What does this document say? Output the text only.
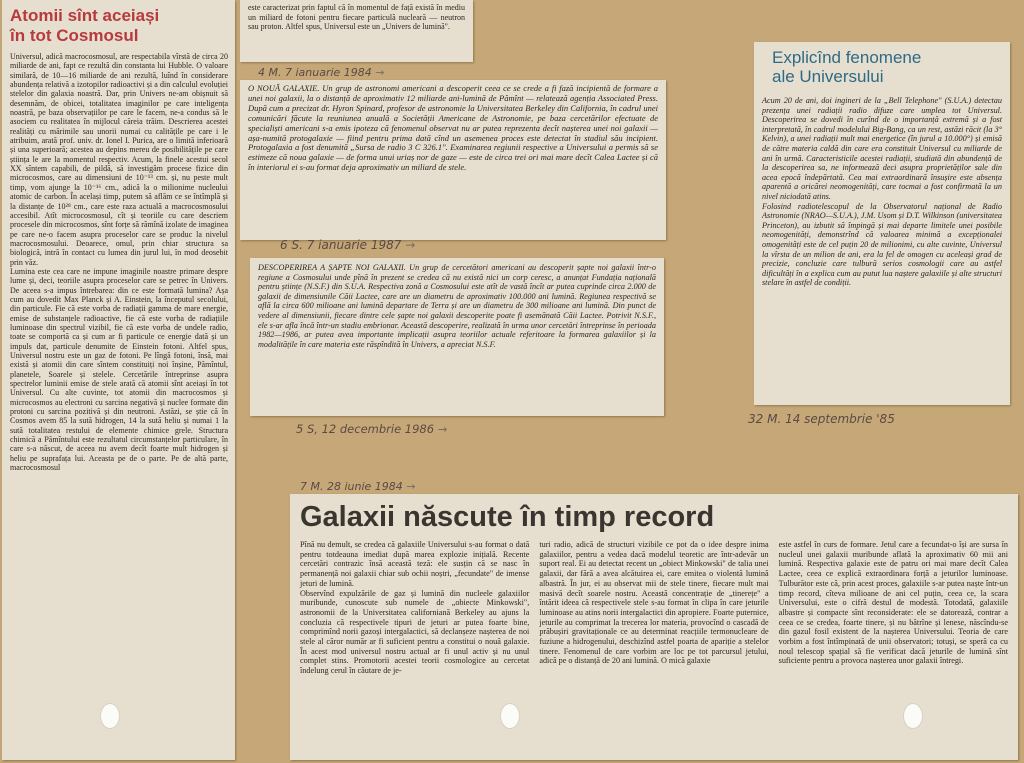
Atomii sînt aceiași
în tot Cosmosul

Universul, adică macrocosmosul, are respectabila vîrstă de circa 20 miliarde de ani, fapt ce rezultă din constanta lui Hubble. O valoare similară, de 10—16 miliarde de ani rezultă, luînd în considerare abundența relativă a izotopilor radioactivi și a din calculul evoluției stelelor din galaxia noastră. Dar, prin Univers ne-am obișnuit să desemnăm, de obicei, totalitatea imaginilor pe care inteligența noastră, pe baza observațiilor pe care le facem, ne-a condus să le asociem cu realitatea în mijlocul căreia trăim. Descrierea acestei realități cu mărimile sau unorii numai cu calitățile pe care i le atribuim, arată prof. univ. dr. Ionel I. Purica, are o limită inferioară și una superioară; acestea au depins mereu de posibilitățile pe care știința le are la momentul respectiv. Acum, la finele acestui secol XX sîntem capabili, de pildă, să investigăm procese fizice din microcosmos, care au dimensiuni de 10⁻¹³ cm. și, nu peste mult timp, vom ajunge la 10⁻¹⁶ cm., adică la o milionime nucleului atomic de carbon. În același timp, putem să aflăm ce se întîmplă și la distanțe de 10²⁸ cm., care este raza actuală a macrocosmosului accesibil. Atît microcosmosul, cît și teoriile cu care descriem procesele din microcosmos, sînt forțe să rămînă izolate de imaginea pe care ne-o facem asupra proceselor care se produc la nivelul macrocosmosului. Deoarece, omul, prin chiar structura sa biologică, intră în contact cu lumea din jurul lui, în mod deosebit prin văz.
Lumina este cea care ne impune imaginile noastre primare despre lume și, deci, teoriile asupra proceselor care se petrec în Univers. De aceea s-a impus întrebarea: din ce este formată lumina? Așa cum au dovedit Max Planck și A. Einstein, la începutul secolului, din particule. Fie că este vorba de radiații gamma de mare energie, emise de substanțele radioactive, fie că este vorba de radiațiile luminoase din spectrul vizibil, fie că este vorba de undele radio, toate se comportă ca și cum ar fi particule ce energie dată și un impuls dat, particule denumite de Einstein fotoni. Altfel spus, Universul nostru este un gaz de fotoni. Pe lîngă fotoni, însă, mai există și atomii din care sîntem constituiți noi înșine, Pămîntul, planetele, Soarele și stelele. Cercetările întreprinse asupra spectrelor luminii emise de stele arată că atomii sînt aceiași în tot Universul. Cu alte cuvinte, tot atomii din macrocosmos și microcosmos au electroni cu sarcina negativă și nuclee formate din protoni cu sarcina pozitivă și din neutroni. Astăzi, se știe că în Cosmos avem 85 la sută hidrogen, 14 la sută heliu și numai 1 la sută totalitatea restului de elemente chimice grele. Structura chimică a Pămîntului este rezultatul circumstanțelor particulare, în care s-a născut, de aceea nu avem decît foarte mult hidrogen și heliu pe suprafața lui. Aceasta pe de o parte. Pe de altă parte, macrocosmosul

este caracterizat prin faptul că în momentul de față există în mediu un miliard de fotoni pentru fiecare particulă nucleară — neutron sau proton. Altfel spus, Universul este un „Univers de lumină".

4 M. 7 ianuarie 1984 →

O NOUĂ GALAXIE. Un grup de astronomi americani a descoperit ceea ce se crede a fi fază incipientă de formare a unei noi galaxii, la o distanță de aproximativ 12 miliarde ani-lumină de Pămînt — relatează agenția Associated Press. După cum a precizat dr. Hyron Spinard, profesor de astronomie la Universitatea Berkeley din California, în cadrul unei comunicări făcute la reuniunea anuală a Societății Americane de Astronomie, pe baza cercetărilor efectuate de specialiști americani s-a emis ipoteza că fenomenul observat nu ar putea reprezenta decît nașterea unei noi galaxii — așa-numită protogalaxie — fiind pentru prima dată cînd un asemenea proces este detectat în stadiul său incipient. Protogalaxia a fost denumită „Sursa de radio 3 C 326.1". Examinarea regiunii respective a Universului a permis să se estimeze că noua galaxie — de forma unui uriaș nor de gaze — este de circa trei ori mai mare decît Calea Lactee și că în interiorul ei s-au format deja aproximativ un miliard de stele.

6 S. 7 ianuarie 1987 →

DESCOPERIREA A ȘAPTE NOI GALAXII. Un grup de cercetători americani au descoperit șapte noi galaxii într-o regiune a Cosmosului unde pînă în prezent se credea că nu există nici un corp ceresc, a anunțat Fundația națională pentru științe (N.S.F.) din S.U.A. Respectiva zonă a Cosmosului este atît de vastă încît ar putea cuprinde circa 2.000 de galaxii de dimensiunile Căii Lactee, care are un diametru de aproximativ 100.000 ani lumină. Regiunea respectivă se află la circa 600 milioane ani lumină departare de Terra și are un diametru de 300 milioane ani lumină. Din punct de vedere al dimensiunii, fiecare dintre cele șapte noi galaxii descoperite poate fi asemănată Căii Lactee. Potrivit N.S.F., ele s-ar afla încă într-un stadiu embrionar. Această descoperire, realizată în urma unor cercetări întreprinse în perioada 1982—1986, ar putea avea importante implicații asupra teoriilor actuale referitoare la formarea galaxiilor și la modalitățile în care materia este răspîndită în Univers, a apreciat N.S.F.

5 S, 12 decembrie 1986 →
Explicînd fenomene
ale Universului

Acum 20 de ani, doi ingineri de la „Bell Telephone" (S.U.A.) detectau prezența unei radiații radio difuze care umplea tot Universul. Descoperirea se dovedi în curînd de o importanță extremă și a fost interpretată, în cadrul modelului Big-Bang, ca un rest, astăzi răcit (la 3° Kelvin), a unei radiații mult mai energetice (în jurul a 10.000°) și emisă de către materia caldă din care era constituit Universul cu miliarde de ani în urmă. Caracteristicile acestei radiații, studiată din abundență de la descoperirea sa, ne informează deci asupra proprietăților sale din acea epocă îndepărtată. Cea mai extraordinară însușire este absența aparentă a oricărei neomogenități, care tocmai a fost confirmată la un nivel niciodată atins.
Folosind radiotelescopul de la Observatorul național de Radio Astronomie (NRAO—S.U.A.), J.M. Usom și D.T. Wilkinson (universitatea Princeton), au izbutit să împingă și mai departe limitele unei posibile neomogenități, demonstrînd că valoarea minimă a excepționalei omogenități este de cel puțin 20 de milionimi, cu alte cuvinte, Universul la vîrsta de un milion de ani, era la fel de omogen cu aceleași grad de precizie, concluzie care tulbură serios cosmologii care au astfel dificultăți în a explica cum au putut lua naștere galaxiile și alte structuri stelare în astfel de condiții.

32 M. 14 septembrie '85
7 M. 28 iunie 1984 →
Galaxii născute în timp record

Pînă nu demult, se credea că galaxiile Universului s-au format o dată pentru totdeauna imediat după marea explozie inițială. Recente cercetări contrazic însă această teză: ele susțin că se nasc în permanență noi galaxii chiar sub ochii noștri, „fecundate" de imense jeturi de lumină.
Observînd expulzările de gaz și lumină din nucleele galaxiilor muribunde, cunoscute sub numele de „obiecte Minkowski", astronomii de la Universitatea californiană Berkeley au ajuns la concluzia că respectivele tipuri de jeturi ar putea foarte bine, comprimînd norii gazoși intergalactici, să declanșeze nașterea de noi stele al căror număr ar fi suficient pentru a constitui o nouă galaxie. În acest mod universul nostru actual ar fi unul activ și nu unul complet stins. Promotorii acestei teorii cosmologice au cercetat îndelung cerul în căutare de je-

turi radio, adică de structuri vizibile ce pot da o idee despre inima galaxiilor, pentru a vedea dacă modelul teoretic are într-adevăr un suport real. Ei au detectat recent un „obiect Minkowski" de talia unei galaxii, dar fără a avea alcătuirea ei, care emitea o violentă lumină albastră. În jur, ei au observat mii de stele tinere, fiecare mult mai masivă decît soarele nostru. Această concentrație de „tinerețe" a întărit ideea că respectivele stele s-au format în clipa în care jeturile luminoase au atins norii intergalactici din apropiere. Foarte puternice, jeturile au comprimat la trecerea lor materia, provocînd o cascadă de prăbușiri gravitaționale ce au determinat reacțiile termonucleare de fuziune a hidrogenului, deschizînd astfel poarta de apariție a stelelor tinere. Fenomenul de care vorbim are loc pe tot parcursul jetului, adică pe o distanță de 20 ani lumină. O mică galaxie

este astfel în curs de formare. Jetul care a fecundat-o își are sursa în nucleul unei galaxii muribunde aflată la aproximativ 60 mii ani lumină. Respectiva galaxie este de patru ori mai mare decît Calea Lactee, ceea ce explică extraordinara forță a jeturilor luminoase. Tulburător este că, prin acest proces, galaxiile s-ar putea naște într-un timp record, cîteva milioane de ani cel puțin, ceea ce, la scara Universului, este o cifră destul de modestă. Totodată, galaxiile albastre și compacte sînt reconsiderate: ele se datorează, contrar a ceea ce se credea, foarte tinere, și nu bătrîne și lenese, născîndu-se din gazul fosil existent de la nașterea Universului. Teoria de care vorbim a fost întîmpinată de unii observatori; totuși, se speră ca cu noul telescop spațial să fie verificat dacă jeturile de lumină sînt suficiente pentru a provoca nașterea unor galaxii întregi.
